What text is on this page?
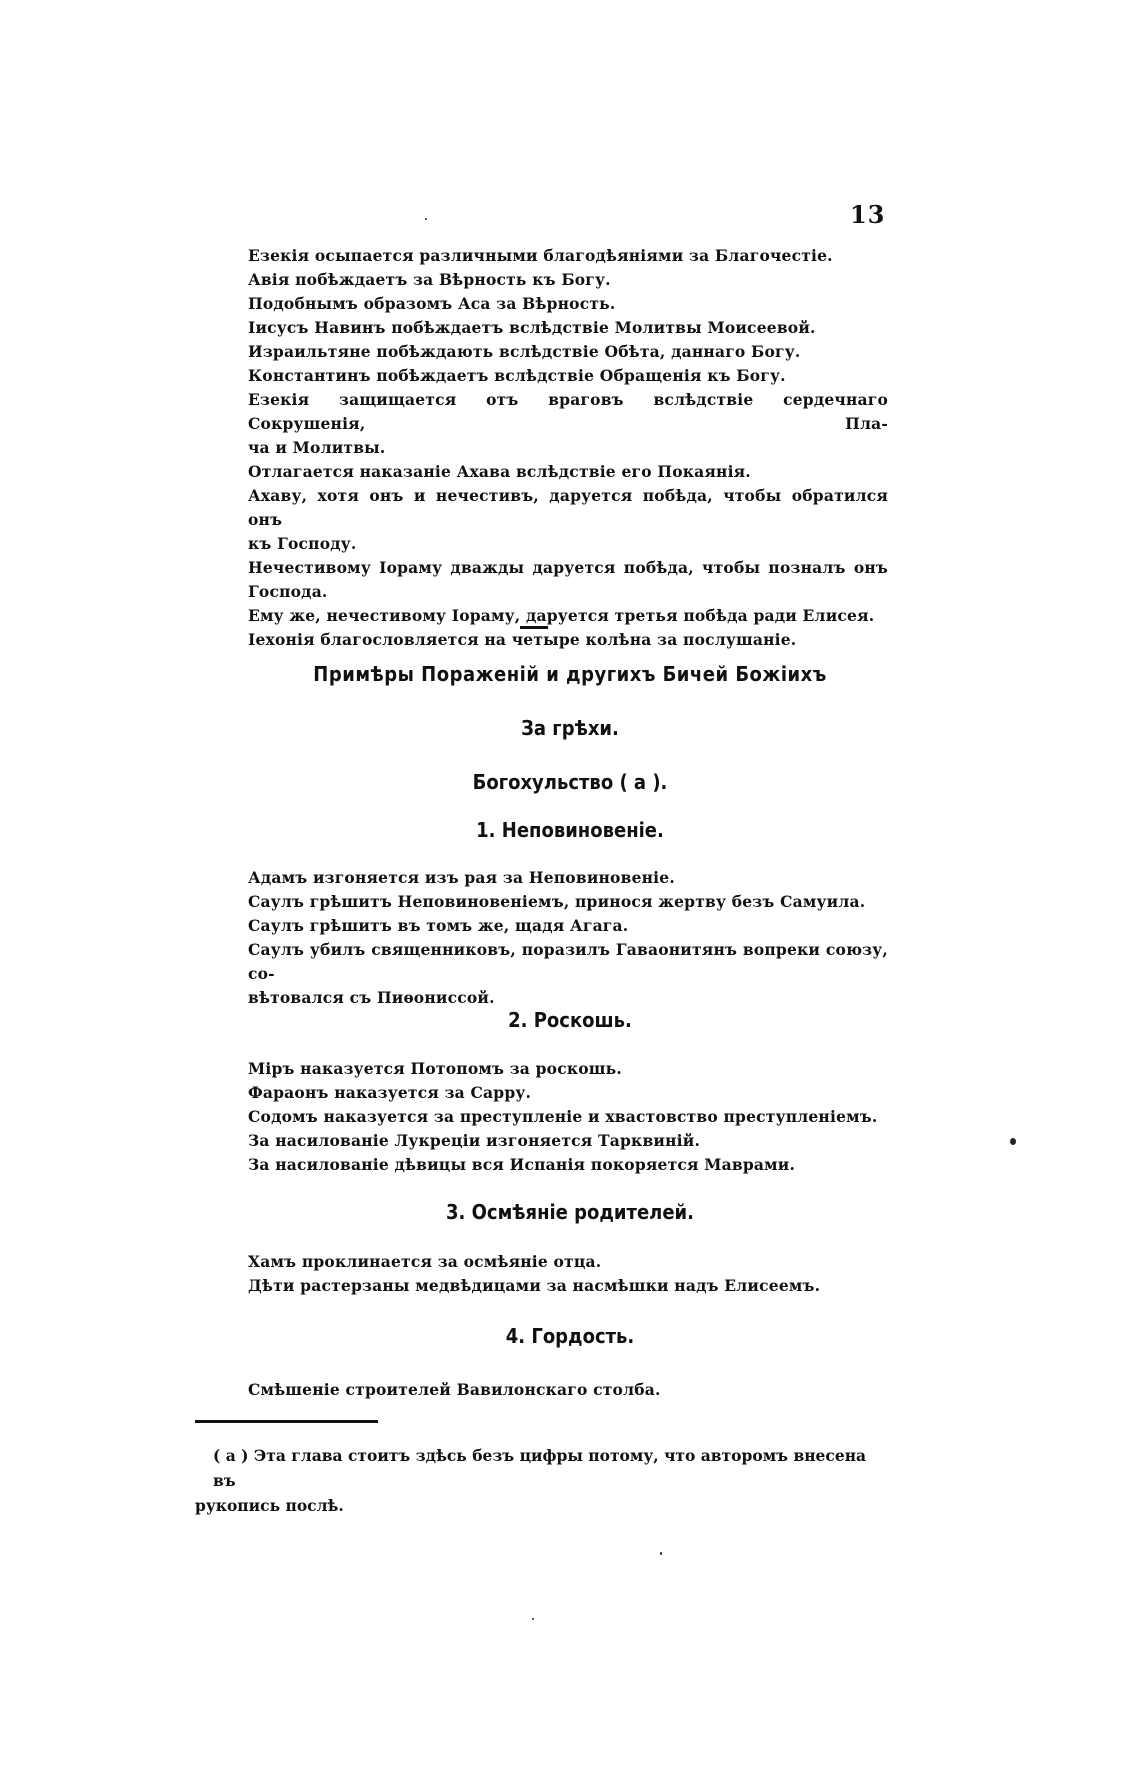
13
Езекія осыпается различными благодѣяніями за Благочестіе.
Авія побѣждаетъ за Вѣрность къ Богу.
Подобнымъ образомъ Аса за Вѣрность.
Іисусъ Навинъ побѣждаетъ вслѣдствіе Молитвы Моисеевой.
Израильтяне побѣждають вслѣдствіе Обѣта, даннаго Богу.
Константинъ побѣждаетъ вслѣдствіе Обращенія къ Богу.
Езекія защищается отъ враговъ вслѣдствіе сердечнаго Сокрушенія, Пла-
ча и Молитвы.
Отлагается наказаніе Ахава вслѣдствіе его Покаянія.
Ахаву, хотя онъ и нечестивъ, даруется побѣда, чтобы обратился онъ
къ Господу.
Нечестивому Іораму дважды даруется побѣда, чтобы позналъ онъ
Господа.
Ему же, нечестивому Іораму, даруется третья побѣда ради Елисея.
Іехонія благословляется на четыре колѣна за послушаніе.
Примѣры Пораженій и другихъ Бичей Божіихъ
За грѣхи.
Богохульство ( а ).
1. Неповиновеніе.
Адамъ изгоняется изъ рая за Неповиновеніе.
Саулъ грѣшитъ Неповиновеніемъ, принося жертву безъ Самуила.
Саулъ грѣшитъ въ томъ же, щадя Агага.
Саулъ убилъ священниковъ, поразилъ Гаваонитянъ вопреки союзу, со-
вѣтовался съ Пиѳониссой.
2. Роскошь.
Міръ наказуется Потопомъ за роскошь.
Фараонъ наказуется за Сарру.
Содомъ наказуется за преступленіе и хвастовство преступленіемъ.
За насилованіе Лукреціи изгоняется Тарквиній.
За насилованіе дѣвицы вся Испанія покоряется Маврами.
3. Осмѣяніе родителей.
Хамъ проклинается за осмѣяніе отца.
Дѣти растерзаны медвѣдицами за насмѣшки надъ Елисеемъ.
4. Гордость.
Смѣшеніе строителей Вавилонскаго столба.
( а ) Эта глава стоитъ здѣсь безъ цифры потому, что авторомъ внесена въ
рукопись послѣ.
